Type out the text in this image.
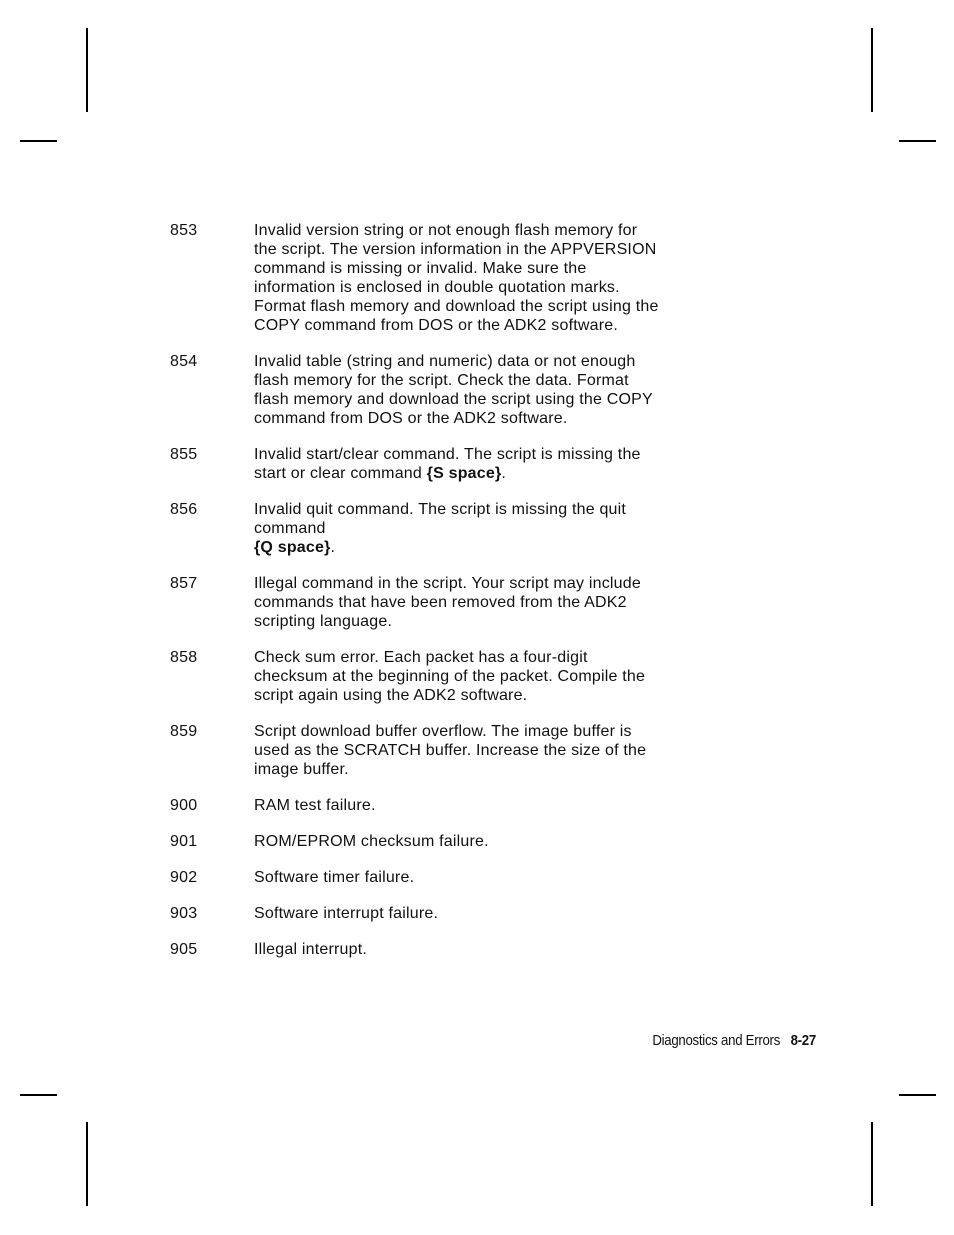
853	Invalid version string or not enough flash memory for
the script. The version information in the APPVERSION
command is missing or invalid. Make sure the
information is enclosed in double quotation marks.
Format flash memory and download the script using the
COPY command from DOS or the ADK2 software.
854	Invalid table (string and numeric) data or not enough
flash memory for the script. Check the data. Format
flash memory and download the script using the COPY
command from DOS or the ADK2 software.
855	Invalid start/clear command. The script is missing the
start or clear command {S space}.
856	Invalid quit command. The script is missing the quit
command
{Q space}.
857	Illegal command in the script. Your script may include
commands that have been removed from the ADK2
scripting language.
858	Check sum error. Each packet has a four-digit
checksum at the beginning of the packet. Compile the
script again using the ADK2 software.
859	Script download buffer overflow. The image buffer is
used as the SCRATCH buffer. Increase the size of the
image buffer.
900	RAM test failure.
901	ROM/EPROM checksum failure.
902	Software timer failure.
903	Software interrupt failure.
905	Illegal interrupt.
Diagnostics and Errors 8-27
